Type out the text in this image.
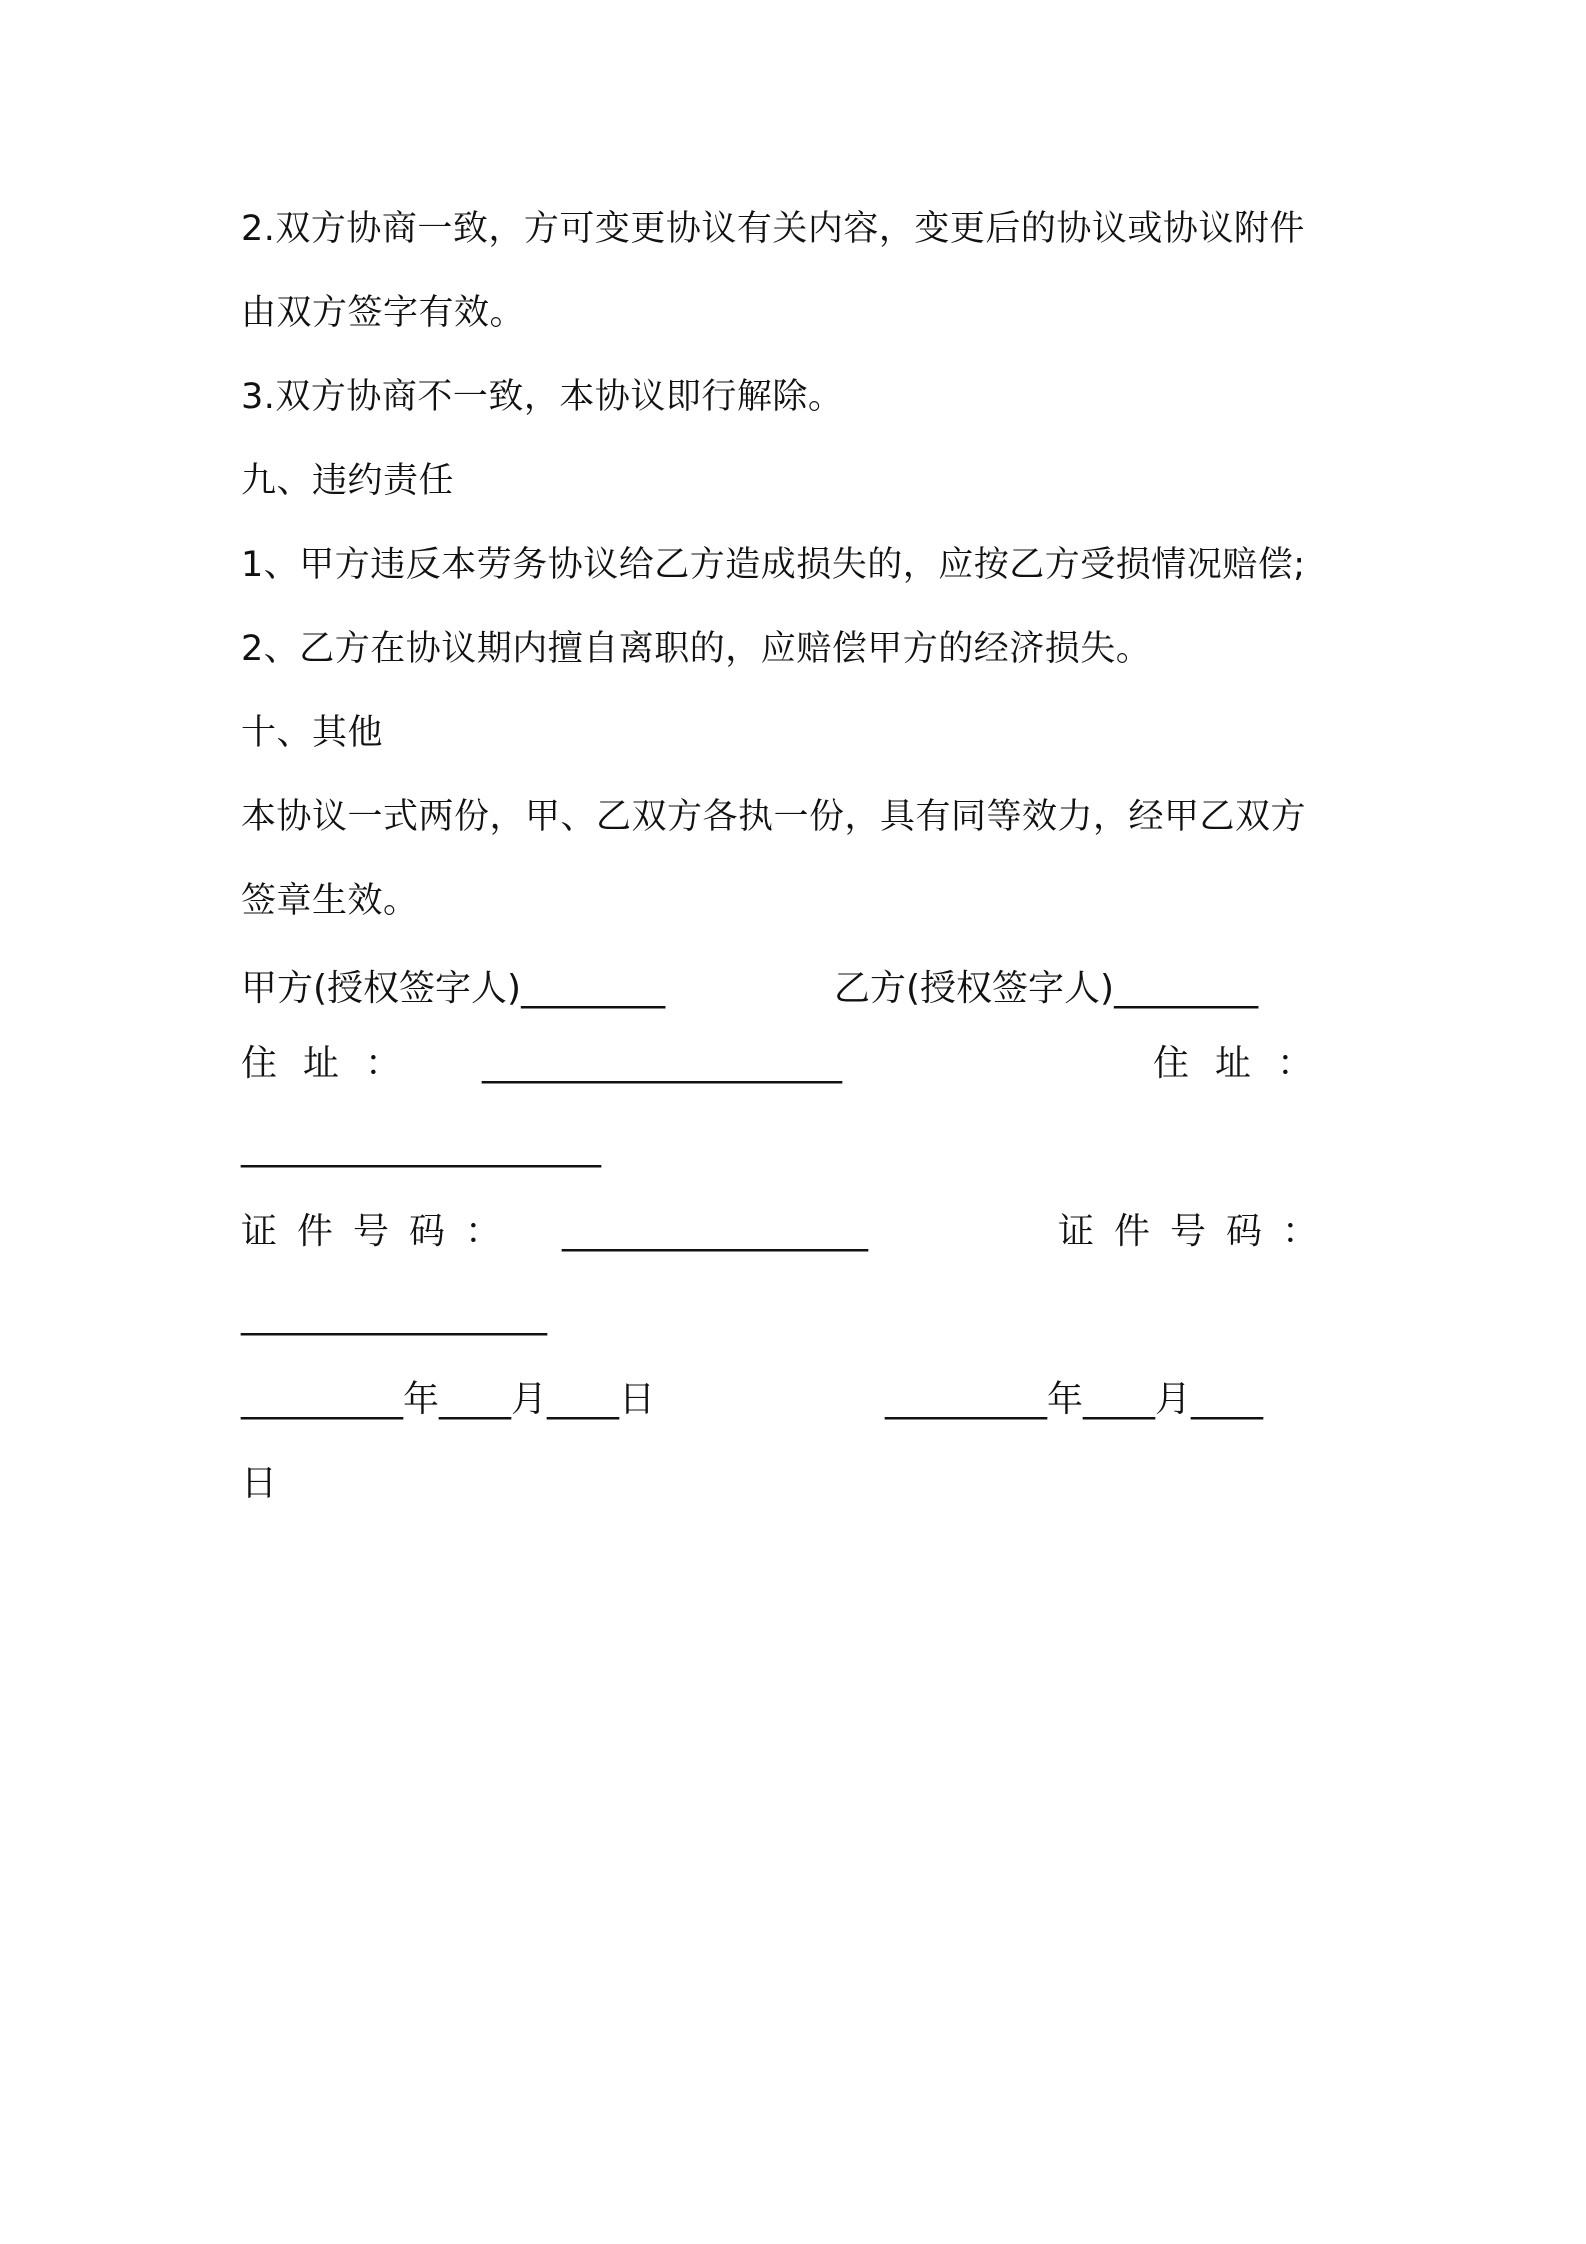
2.双方协商一致，方可变更协议有关内容，变更后的协议或协议附件
由双方签字有效。
3.双方协商不一致，本协议即行解除。
九、违约责任
1、甲方违反本劳务协议给乙方造成损失的，应按乙方受损情况赔偿;
2、乙方在协议期内擅自离职的，应赔偿甲方的经济损失。
十、其他
本协议一式两份，甲、乙双方各执一份，具有同等效力，经甲乙双方
签章生效。
甲方(授权签字人)________	乙方(授权签字人)________
住址： ____________________	住址：
____________________
证件号码： _________________	证件号码：
_________________
_________年____月____日	_________年____月____
日
